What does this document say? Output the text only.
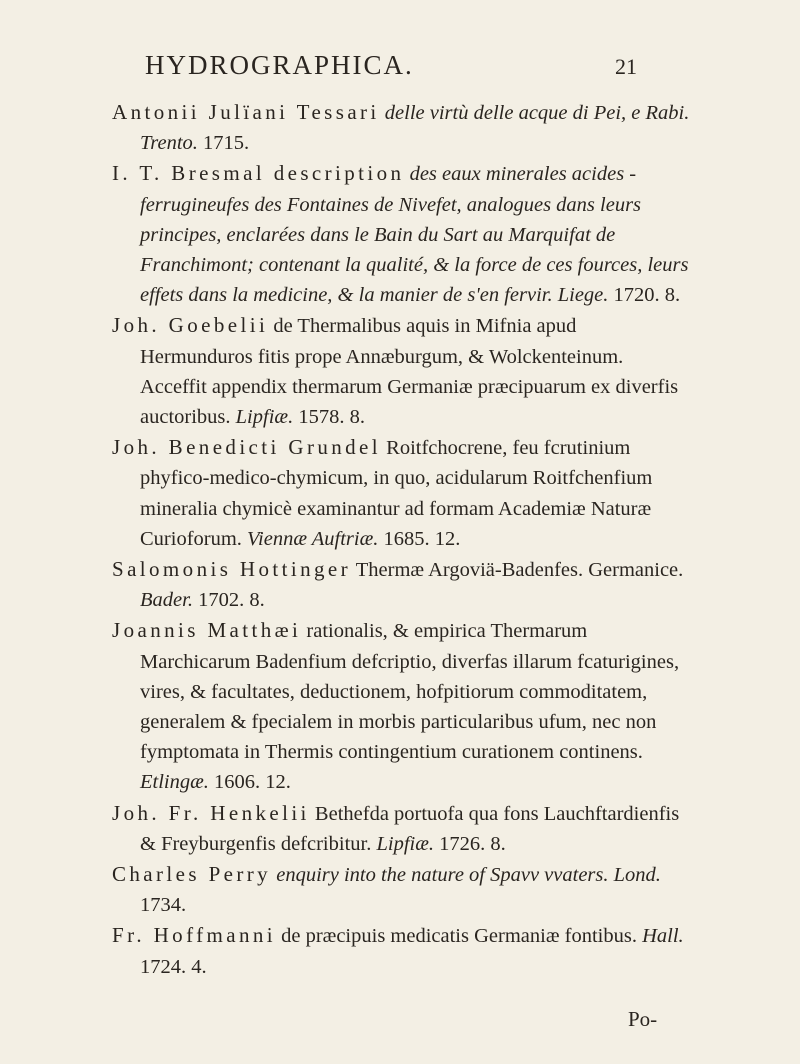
HYDROGRAPHICA.	21

Antonii Julïani Tessari delle virtù delle acque di Pei, e Rabi. Trento. 1715.

I. T. Bresmal description des eaux minerales acides -ferrugineufes des Fontaines de Nivefet, analogues dans leurs principes, enclarées dans le Bain du Sart au Marquifat de Franchimont; contenant la qualité, & la force de ces fources, leurs effets dans la medicine, & la manier de s'en fervir. Liege. 1720. 8.

Joh. Goebelii de Thermalibus aquis in Mifnia apud Hermunduros fitis prope Annæburgum, & Wolckenteinum. Acceffit appendix thermarum Germaniæ præcipuarum ex diverfis auctoribus. Lipfiæ. 1578. 8.

Joh. Benedicti Grundel Roitfchocrene, feu fcrutinium phyfico-medico-chymicum, in quo, acidularum Roitfchenfium mineralia chymicè examinantur ad formam Academiæ Naturæ Curioforum. Viennæ Auftriæ. 1685. 12.

Salomonis Hottinger Thermæ Argoviä-Badenfes. Germanice. Bader. 1702. 8.

Joannis Matthæi rationalis, & empirica Thermarum Marchicarum Badenfium defcriptio, diverfas illarum fcaturigines, vires, & facultates, deductionem, hofpitiorum commoditatem, generalem & fpecialem in morbis particularibus ufum, nec non fymptomata in Thermis contingentium curationem continens. Etlingæ. 1606. 12.

Joh. Fr. Henkelii Bethefda portuofa qua fons Lauchftardienfis & Freyburgenfis defcribitur. Lipfiæ. 1726. 8.

Charles Perry enquiry into the nature of Spavv vvaters. Lond. 1734.

Fr. Hoffmanni de præcipuis medicatis Germaniæ fontibus. Hall. 1724. 4.

Po-
